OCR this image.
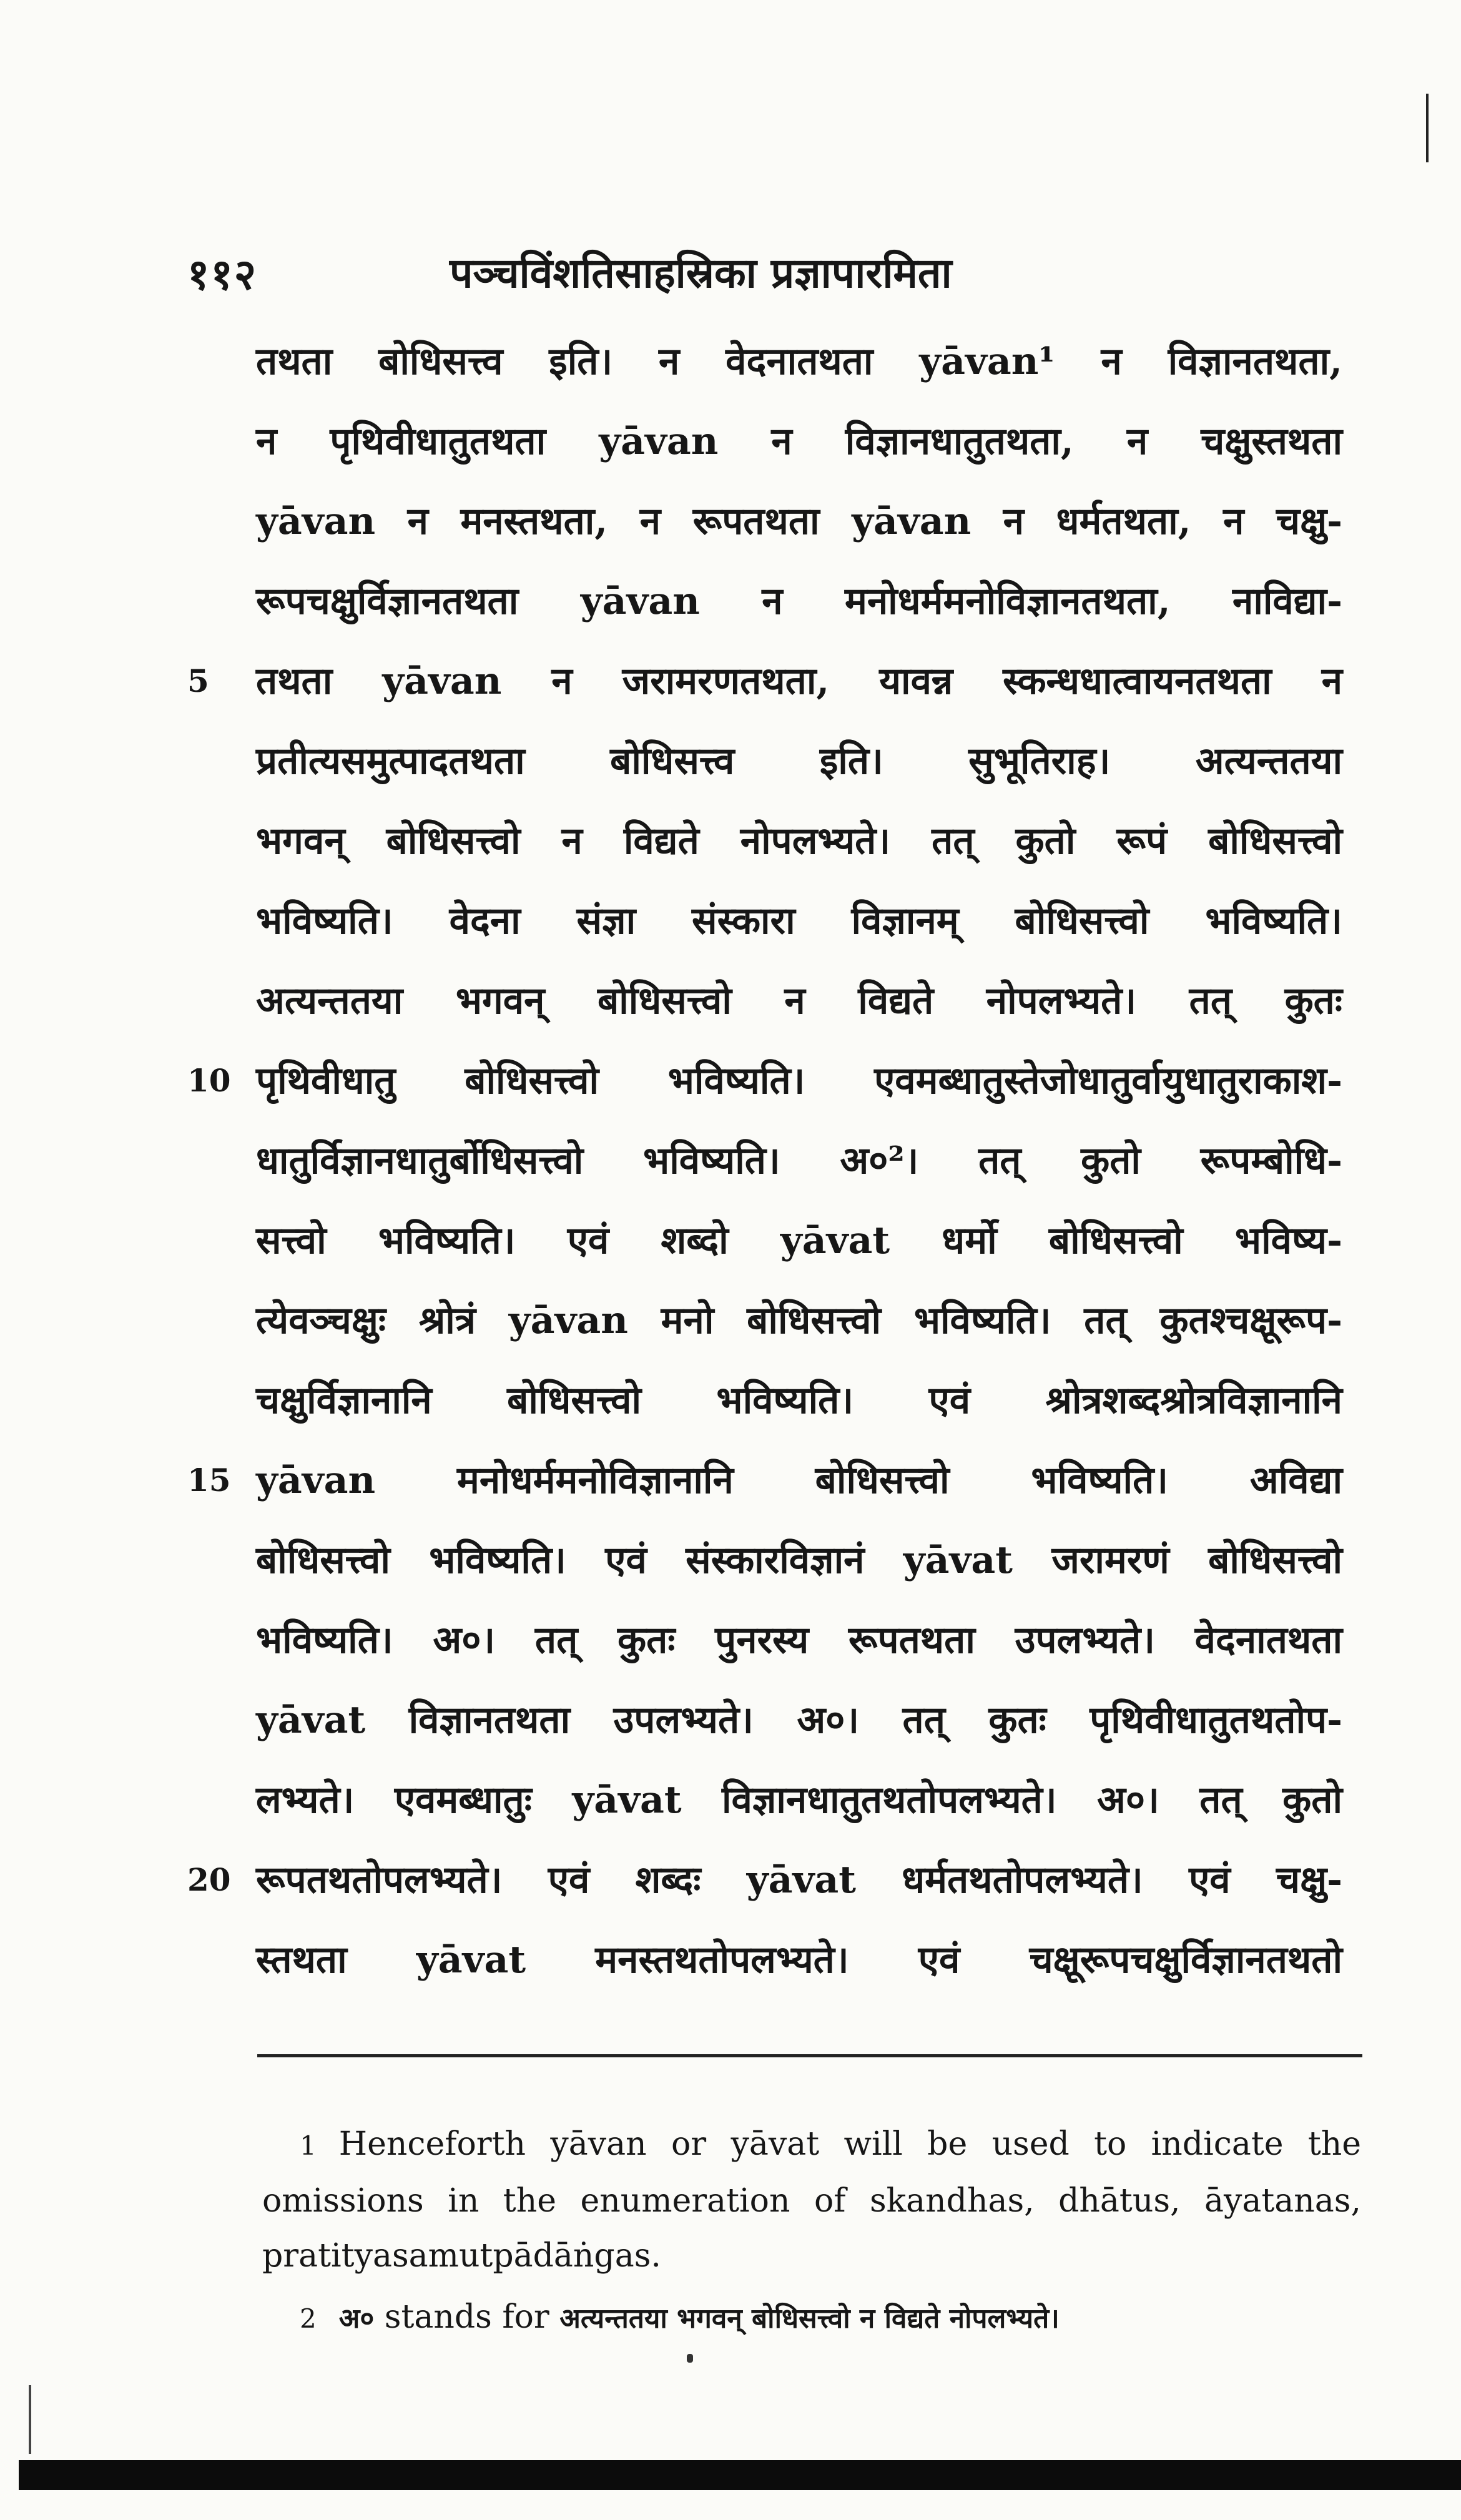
११२	पञ्चविंशतिसाहस्रिका प्रज्ञापारमिता
तथता बोधिसत्त्व इति। न वेदनातथता yāvan¹ न विज्ञानतथता,
न पृथिवीधातुतथता yāvan न विज्ञानधातुतथता, न चक्षुस्तथता
yāvan न मनस्तथता, न रूपतथता yāvan न धर्मतथता, न चक्षु-
रूपचक्षुर्विज्ञानतथता yāvan न मनोधर्ममनोविज्ञानतथता, नाविद्या-
5 तथता yāvan न जरामरणतथता, यावन्न स्कन्धधात्वायनतथता न
प्रतीत्यसमुत्पादतथता बोधिसत्त्व इति। सुभूतिराह। अत्यन्ततया
भगवन् बोधिसत्त्वो न विद्यते नोपलभ्यते। तत् कुतो रूपं बोधिसत्त्वो
भविष्यति। वेदना संज्ञा संस्कारा विज्ञानम् बोधिसत्त्वो भविष्यति।
अत्यन्ततया भगवन् बोधिसत्त्वो न विद्यते नोपलभ्यते। तत् कुतः
10 पृथिवीधातु बोधिसत्त्वो भविष्यति। एवमब्धातुस्तेजोधातुर्वायुधातुराकाश-
धातुर्विज्ञानधातुर्बोधिसत्त्वो भविष्यति। अ०²। तत् कुतो रूपम्बोधि-
सत्त्वो भविष्यति। एवं शब्दो yāvat धर्मो बोधिसत्त्वो भविष्य-
त्येवञ्चक्षुः श्रोत्रं yāvan मनो बोधिसत्त्वो भविष्यति। तत् कुतश्चक्षूरूप-
चक्षुर्विज्ञानानि बोधिसत्त्वो भविष्यति। एवं श्रोत्रशब्दश्रोत्रविज्ञानानि
15 yāvan मनोधर्ममनोविज्ञानानि बोधिसत्त्वो भविष्यति। अविद्या
बोधिसत्त्वो भविष्यति। एवं संस्कारविज्ञानं yāvat जरामरणं बोधिसत्त्वो
भविष्यति। अ०। तत् कुतः पुनरस्य रूपतथता उपलभ्यते। वेदनातथता
yāvat विज्ञानतथता उपलभ्यते। अ०। तत् कुतः पृथिवीधातुतथतोप-
लभ्यते। एवमब्धातुः yāvat विज्ञानधातुतथतोपलभ्यते। अ०। तत् कुतो
20 रूपतथतोपलभ्यते। एवं शब्दः yāvat धर्मतथतोपलभ्यते। एवं चक्षु-
स्तथता yāvat मनस्तथतोपलभ्यते। एवं चक्षूरूपचक्षुर्विज्ञानतथतो
1 Henceforth yāvan or yāvat will be used to indicate the
omissions in the enumeration of skandhas, dhātus, āyatanas,
pratityasamutpādāṅgas.
2 अ० stands for अत्यन्ततया भगवन् बोधिसत्त्वो न विद्यते नोपलभ्यते।
